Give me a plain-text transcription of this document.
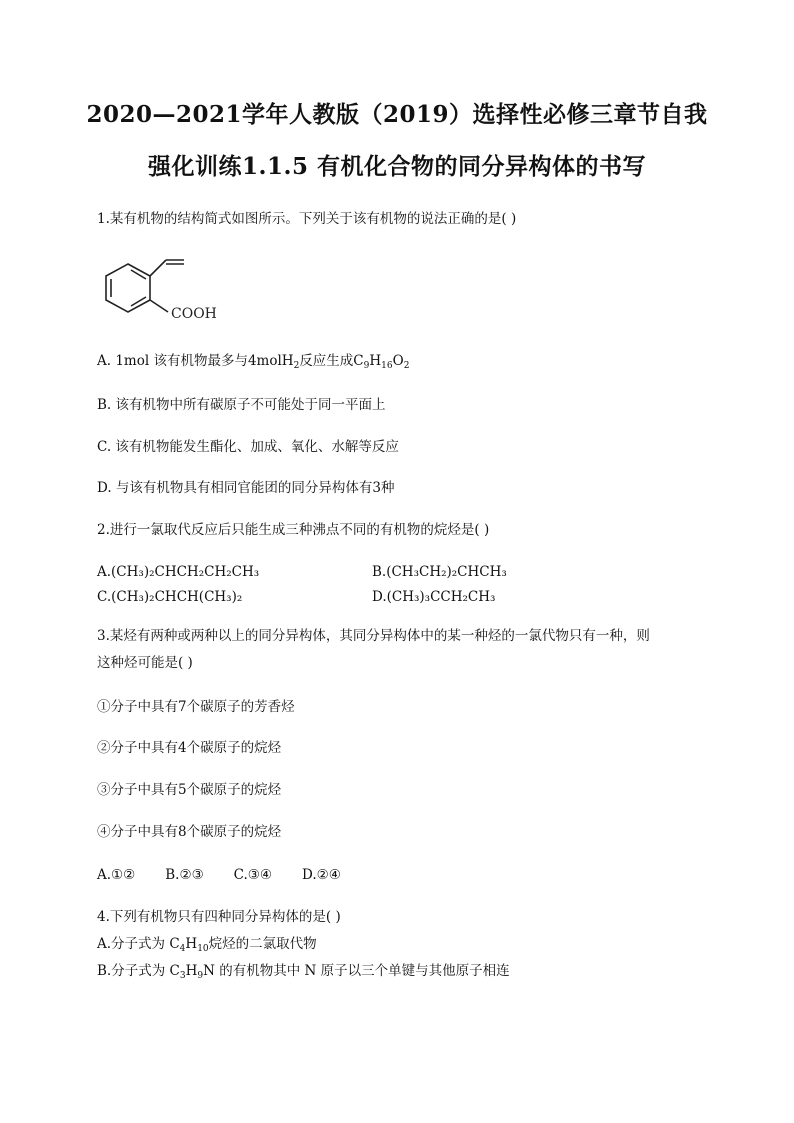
2020—2021学年人教版（2019）选择性必修三章节自我
强化训练1.1.5 有机化合物的同分异构体的书写
1.某有机物的结构简式如图所示。下列关于该有机物的说法正确的是( )
COOH
A. 1mol 该有机物最多与4molH$_2$反应生成$C_9H_{16}O_2$
B. 该有机物中所有碳原子不可能处于同一平面上
C. 该有机物能发生酯化、加成、氧化、水解等反应
D. 与该有机物具有相同官能团的同分异构体有3种
2.进行一氯取代反应后只能生成三种沸点不同的有机物的烷烃是( )
A.(CH₃)₂CHCH₂CH₂CH₃	B.(CH₃CH₂)₂CHCH₃
C.(CH₃)₂CHCH(CH₃)₂	D.(CH₃)₃CCH₂CH₃
3.某烃有两种或两种以上的同分异构体，其同分异构体中的某一种烃的一氯代物只有一种，则
这种烃可能是( )
①分子中具有7个碳原子的芳香烃
②分子中具有4个碳原子的烷烃
③分子中具有5个碳原子的烷烃
④分子中具有8个碳原子的烷烃
A.①② B.②③ C.③④ D.②④
4.下列有机物只有四种同分异构体的是( )
A.分子式为 $C_4H_{10}$烷烃的二氯取代物
B.分子式为 $C_3H_9N$ 的有机物其中 N 原子以三个单键与其他原子相连
